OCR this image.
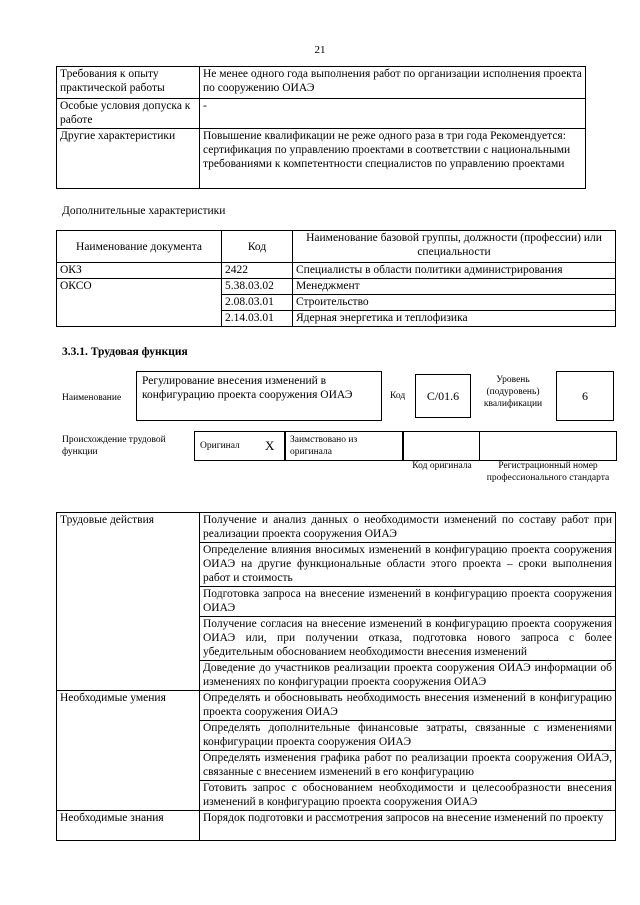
21
Требования к опыту практической работы	Не менее одного года выполнения работ по организации исполнения проекта по сооружению ОИАЭ
Особые условия допуска к работе	-
Другие характеристики	Повышение квалификации не реже одного раза в три года Рекомендуется: сертификация по управлению проектами в соответствии с национальными требованиями к компетентности специалистов по управлению проектами
Дополнительные характеристики
Наименование документа	Код	Наименование базовой группы, должности (профессии) или специальности
ОКЗ	2422	Специалисты в области политики администрирования
ОКСО	5.38.03.02	Менеджмент
	2.08.03.01	Строительство
	2.14.03.01	Ядерная энергетика и теплофизика
3.3.1. Трудовая функция
Наименование
Регулирование внесения изменений в конфигурацию проекта сооружения ОИАЭ	Код C/01.6
Уровень (подуровень) квалификации
6
Происхождение трудовой функции
Оригинал X Заимствовано из оригинала
Код оригинала	Регистрационный номер профессионального стандарта
Трудовые действия	Получение и анализ данных о необходимости изменений по составу работ при реализации проекта сооружения ОИАЭ
	Определение влияния вносимых изменений в конфигурацию проекта сооружения ОИАЭ на другие функциональные области этого проекта – сроки выполнения работ и стоимость
	Подготовка запроса на внесение изменений в конфигурацию проекта сооружения ОИАЭ
	Получение согласия на внесение изменений в конфигурацию проекта сооружения ОИАЭ или, при получении отказа, подготовка нового запроса с более убедительным обоснованием необходимости внесения изменений
	Доведение до участников реализации проекта сооружения ОИАЭ информации об изменениях по конфигурации проекта сооружения ОИАЭ
Необходимые умения	Определять и обосновывать необходимость внесения изменений в конфигурацию проекта сооружения ОИАЭ
	Определять дополнительные финансовые затраты, связанные с изменениями конфигурации проекта сооружения ОИАЭ
	Определять изменения графика работ по реализации проекта сооружения ОИАЭ, связанные с внесением изменений в его конфигурацию
	Готовить запрос с обоснованием необходимости и целесообразности внесения изменений в конфигурацию проекта сооружения ОИАЭ
Необходимые знания	Порядок подготовки и рассмотрения запросов на внесение изменений по проекту
